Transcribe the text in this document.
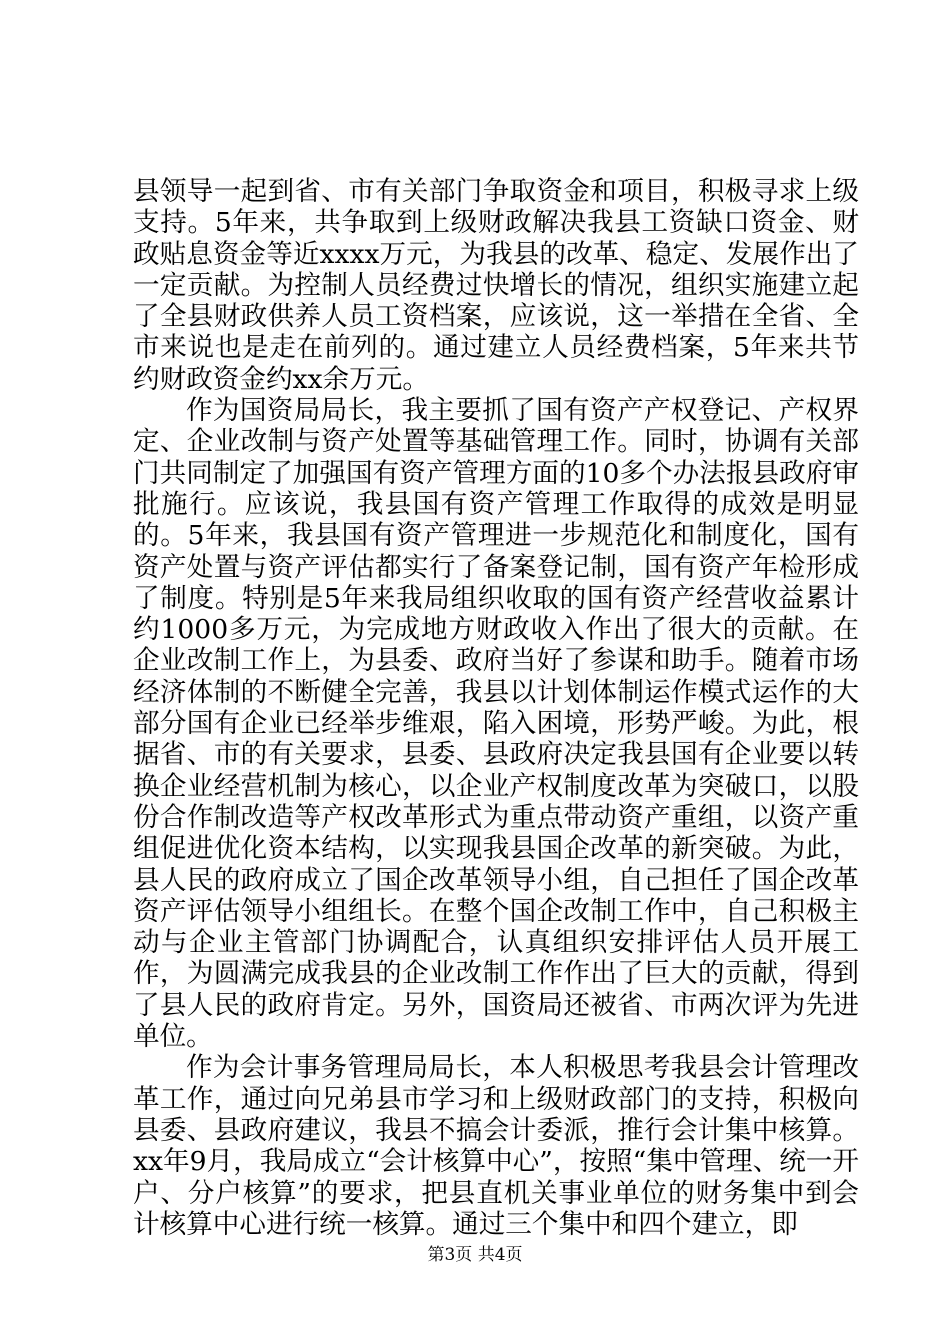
县领导一起到省、市有关部门争取资金和项目，积极寻求上级支持。5年来，共争取到上级财政解决我县工资缺口资金、财政贴息资金等近xxxx万元，为我县的改革、稳定、发展作出了一定贡献。为控制人员经费过快增长的情况，组织实施建立起了全县财政供养人员工资档案，应该说，这一举措在全省、全市来说也是走在前列的。通过建立人员经费档案，5年来共节约财政资金约xx余万元。

作为国资局局长，我主要抓了国有资产产权登记、产权界定、企业改制与资产处置等基础管理工作。同时，协调有关部门共同制定了加强国有资产管理方面的10多个办法报县政府审批施行。应该说，我县国有资产管理工作取得的成效是明显的。5年来，我县国有资产管理进一步规范化和制度化，国有资产处置与资产评估都实行了备案登记制，国有资产年检形成了制度。特别是5年来我局组织收取的国有资产经营收益累计约1000多万元，为完成地方财政收入作出了很大的贡献。在企业改制工作上，为县委、政府当好了参谋和助手。随着市场经济体制的不断健全完善，我县以计划体制运作模式运作的大部分国有企业已经举步维艰，陷入困境，形势严峻。为此，根据省、市的有关要求，县委、县政府决定我县国有企业要以转换企业经营机制为核心，以企业产权制度改革为突破口，以股份合作制改造等产权改革形式为重点带动资产重组，以资产重组促进优化资本结构，以实现我县国企改革的新突破。为此，县人民的政府成立了国企改革领导小组，自己担任了国企改革资产评估领导小组组长。在整个国企改制工作中，自己积极主动与企业主管部门协调配合，认真组织安排评估人员开展工作，为圆满完成我县的企业改制工作作出了巨大的贡献，得到了县人民的政府肯定。另外，国资局还被省、市两次评为先进单位。

作为会计事务管理局局长，本人积极思考我县会计管理改革工作，通过向兄弟县市学习和上级财政部门的支持，积极向县委、县政府建议，我县不搞会计委派，推行会计集中核算。xx年9月，我局成立“会计核算中心”，按照“集中管理、统一开户、分户核算”的要求，把县直机关事业单位的财务集中到会计核算中心进行统一核算。通过三个集中和四个建立，即

第3页 共4页
